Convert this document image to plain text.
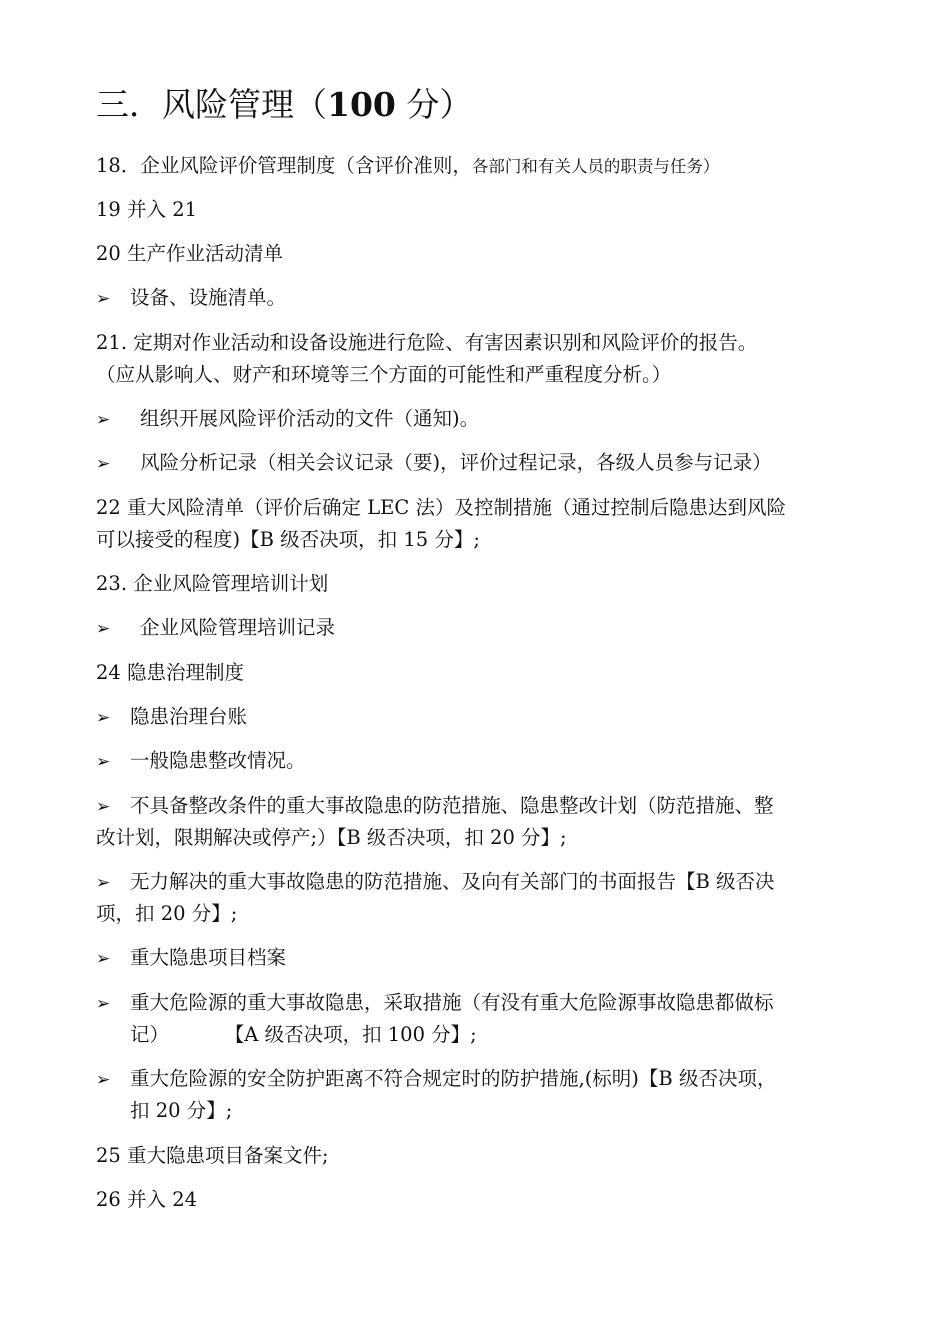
三．风险管理（100 分）
18．企业风险评价管理制度（含评价准则，各部门和有关人员的职责与任务）
19 并入 21
20 生产作业活动清单
➢ 设备、设施清单。
21. 定期对作业活动和设备设施进行危险、有害因素识别和风险评价的报告。
（应从影响人、财产和环境等三个方面的可能性和严重程度分析。）
➢ 组织开展风险评价活动的文件（通知)。
➢ 风险分析记录（相关会议记录（要)，评价过程记录，各级人员参与记录）
22 重大风险清单（评价后确定 LEC 法）及控制措施（通过控制后隐患达到风险
可以接受的程度)【B 级否决项，扣 15 分】;
23. 企业风险管理培训计划
➢ 企业风险管理培训记录
24 隐患治理制度
➢ 隐患治理台账
➢ 一般隐患整改情况。
➢ 不具备整改条件的重大事故隐患的防范措施、隐患整改计划（防范措施、整
改计划，限期解决或停产;）【B 级否决项，扣 20 分】;
➢ 无力解决的重大事故隐患的防范措施、及向有关部门的书面报告【B 级否决
项，扣 20 分】;
➢ 重大隐患项目档案
➢ 重大危险源的重大事故隐患，采取措施（有没有重大危险源事故隐患都做标
记）         【A 级否决项，扣 100 分】;
➢ 重大危险源的安全防护距离不符合规定时的防护措施,(标明)【B 级否决项，
扣 20 分】;
25 重大隐患项目备案文件;
26 并入 24
